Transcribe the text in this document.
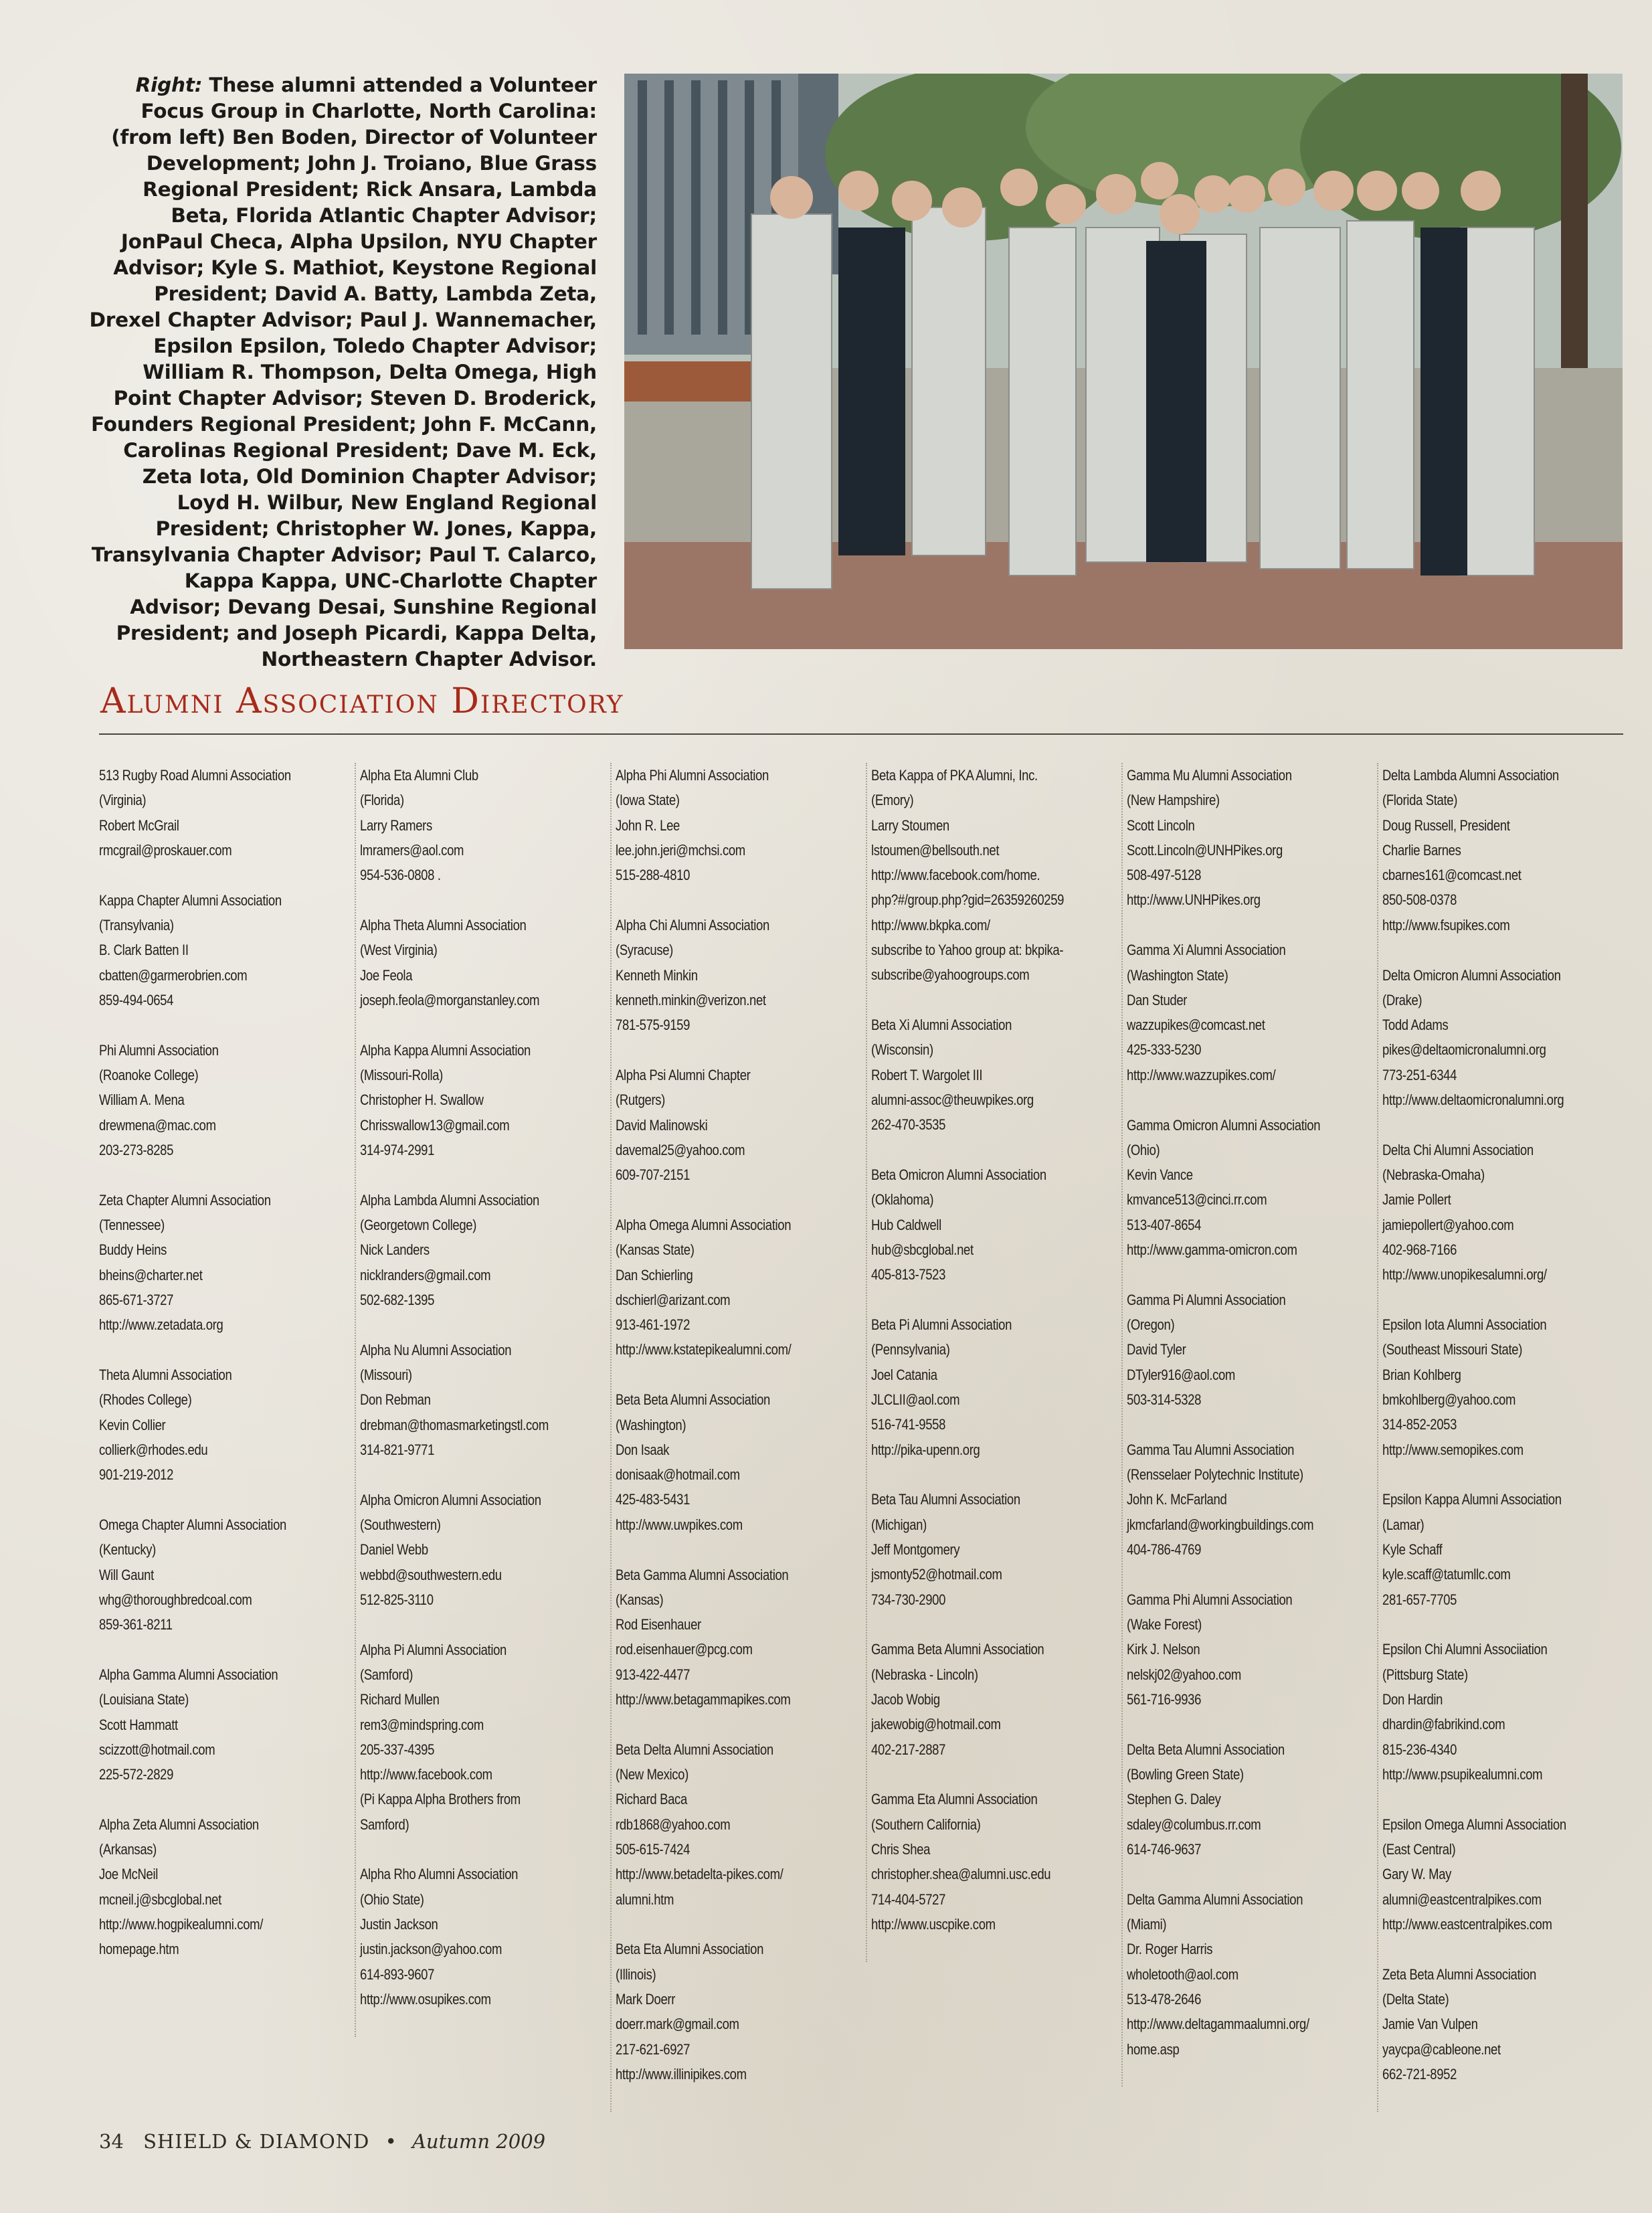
Right: These alumni attended a Volunteer Focus Group in Charlotte, North Carolina: (from left) Ben Boden, Director of Volunteer Development; John J. Troiano, Blue Grass Regional President; Rick Ansara, Lambda Beta, Florida Atlantic Chapter Advisor; JonPaul Checa, Alpha Upsilon, NYU Chapter Advisor; Kyle S. Mathiot, Keystone Regional President; David A. Batty, Lambda Zeta, Drexel Chapter Advisor; Paul J. Wannemacher, Epsilon Epsilon, Toledo Chapter Advisor; William R. Thompson, Delta Omega, High Point Chapter Advisor; Steven D. Broderick, Founders Regional President; John F. McCann, Carolinas Regional President; Dave M. Eck, Zeta Iota, Old Dominion Chapter Advisor; Loyd H. Wilbur, New England Regional President; Christopher W. Jones, Kappa, Transylvania Chapter Advisor; Paul T. Calarco, Kappa Kappa, UNC-Charlotte Chapter Advisor; Devang Desai, Sunshine Regional President; and Joseph Picardi, Kappa Delta, Northeastern Chapter Advisor.
Alumni Association Directory
513 Rugby Road Alumni Association
(Virginia)
Robert McGrail
rmcgrail@proskauer.com
Kappa Chapter Alumni Association
(Transylvania)
B. Clark Batten II
cbatten@garmerobrien.com
859-494-0654
Phi Alumni Association
(Roanoke College)
William A. Mena
drewmena@mac.com
203-273-8285
Zeta Chapter Alumni Association
(Tennessee)
Buddy Heins
bheins@charter.net
865-671-3727
http://www.zetadata.org
Theta Alumni Association
(Rhodes College)
Kevin Collier
collierk@rhodes.edu
901-219-2012
Omega Chapter Alumni Association
(Kentucky)
Will Gaunt
whg@thoroughbredcoal.com
859-361-8211
Alpha Gamma Alumni Association
(Louisiana State)
Scott Hammatt
scizzott@hotmail.com
225-572-2829
Alpha Zeta Alumni Association
(Arkansas)
Joe McNeil
mcneil.j@sbcglobal.net
http://www.hogpikealumni.com/
homepage.htm
Alpha Eta Alumni Club
(Florida)
Larry Ramers
lmramers@aol.com
954-536-0808 .
Alpha Theta Alumni Association
(West Virginia)
Joe Feola
joseph.feola@morganstanley.com
Alpha Kappa Alumni Association
(Missouri-Rolla)
Christopher H. Swallow
Chrisswallow13@gmail.com
314-974-2991
Alpha Lambda Alumni Association
(Georgetown College)
Nick Landers
nicklranders@gmail.com
502-682-1395
Alpha Nu Alumni Association
(Missouri)
Don Rebman
drebman@thomasmarketingstl.com
314-821-9771
Alpha Omicron Alumni Association
(Southwestern)
Daniel Webb
webbd@southwestern.edu
512-825-3110
Alpha Pi Alumni Association
(Samford)
Richard Mullen
rem3@mindspring.com
205-337-4395
http://www.facebook.com
(Pi Kappa Alpha Brothers from
Samford)
Alpha Rho Alumni Association
(Ohio State)
Justin Jackson
justin.jackson@yahoo.com
614-893-9607
http://www.osupikes.com
Alpha Phi Alumni Association
(Iowa State)
John R. Lee
lee.john.jeri@mchsi.com
515-288-4810
Alpha Chi Alumni Association
(Syracuse)
Kenneth Minkin
kenneth.minkin@verizon.net
781-575-9159
Alpha Psi Alumni Chapter
(Rutgers)
David Malinowski
davemal25@yahoo.com
609-707-2151
Alpha Omega Alumni Association
(Kansas State)
Dan Schierling
dschierl@arizant.com
913-461-1972
http://www.kstatepikealumni.com/
Beta Beta Alumni Association
(Washington)
Don Isaak
donisaak@hotmail.com
425-483-5431
http://www.uwpikes.com
Beta Gamma Alumni Association
(Kansas)
Rod Eisenhauer
rod.eisenhauer@pcg.com
913-422-4477
http://www.betagammapikes.com
Beta Delta Alumni Association
(New Mexico)
Richard Baca
rdb1868@yahoo.com
505-615-7424
http://www.betadelta-pikes.com/
alumni.htm
Beta Eta Alumni Association
(Illinois)
Mark Doerr
doerr.mark@gmail.com
217-621-6927
http://www.illinipikes.com
Beta Kappa of PKA Alumni, Inc.
(Emory)
Larry Stoumen
lstoumen@bellsouth.net
http://www.facebook.com/home.
php?#/group.php?gid=26359260259
http://www.bkpka.com/
subscribe to Yahoo group at: bkpika-
subscribe@yahoogroups.com
Beta Xi Alumni Association
(Wisconsin)
Robert T. Wargolet III
alumni-assoc@theuwpikes.org
262-470-3535
Beta Omicron Alumni Association
(Oklahoma)
Hub Caldwell
hub@sbcglobal.net
405-813-7523
Beta Pi Alumni Association
(Pennsylvania)
Joel Catania
JLCLII@aol.com
516-741-9558
http://pika-upenn.org
Beta Tau Alumni Association
(Michigan)
Jeff Montgomery
jsmonty52@hotmail.com
734-730-2900
Gamma Beta Alumni Association
(Nebraska - Lincoln)
Jacob Wobig
jakewobig@hotmail.com
402-217-2887
Gamma Eta Alumni Association
(Southern California)
Chris Shea
christopher.shea@alumni.usc.edu
714-404-5727
http://www.uscpike.com
Gamma Mu Alumni Association
(New Hampshire)
Scott Lincoln
Scott.Lincoln@UNHPikes.org
508-497-5128
http://www.UNHPikes.org
Gamma Xi Alumni Association
(Washington State)
Dan Studer
wazzupikes@comcast.net
425-333-5230
http://www.wazzupikes.com/
Gamma Omicron Alumni Association
(Ohio)
Kevin Vance
kmvance513@cinci.rr.com
513-407-8654
http://www.gamma-omicron.com
Gamma Pi Alumni Association
(Oregon)
David Tyler
DTyler916@aol.com
503-314-5328
Gamma Tau Alumni Association
(Rensselaer Polytechnic Institute)
John K. McFarland
jkmcfarland@workingbuildings.com
404-786-4769
Gamma Phi Alumni Association
(Wake Forest)
Kirk J. Nelson
nelskj02@yahoo.com
561-716-9936
Delta Beta Alumni Association
(Bowling Green State)
Stephen G. Daley
sdaley@columbus.rr.com
614-746-9637
Delta Gamma Alumni Association
(Miami)
Dr. Roger Harris
wholetooth@aol.com
513-478-2646
http://www.deltagammaalumni.org/
home.asp
Delta Lambda Alumni Association
(Florida State)
Doug Russell, President
Charlie Barnes
cbarnes161@comcast.net
850-508-0378
http://www.fsupikes.com
Delta Omicron Alumni Association
(Drake)
Todd Adams
pikes@deltaomicronalumni.org
773-251-6344
http://www.deltaomicronalumni.org
Delta Chi Alumni Association
(Nebraska-Omaha)
Jamie Pollert
jamiepollert@yahoo.com
402-968-7166
http://www.unopikesalumni.org/
Epsilon Iota Alumni Association
(Southeast Missouri State)
Brian Kohlberg
bmkohlberg@yahoo.com
314-852-2053
http://www.semopikes.com
Epsilon Kappa Alumni Association
(Lamar)
Kyle Schaff
kyle.scaff@tatumllc.com
281-657-7705
Epsilon Chi Alumni Associiation
(Pittsburg State)
Don Hardin
dhardin@fabrikind.com
815-236-4340
http://www.psupikealumni.com
Epsilon Omega Alumni Association
(East Central)
Gary W. May
alumni@eastcentralpikes.com
http://www.eastcentralpikes.com
Zeta Beta Alumni Association
(Delta State)
Jamie Van Vulpen
yaycpa@cableone.net
662-721-8952
34 SHIELD & DIAMOND • Autumn 2009
